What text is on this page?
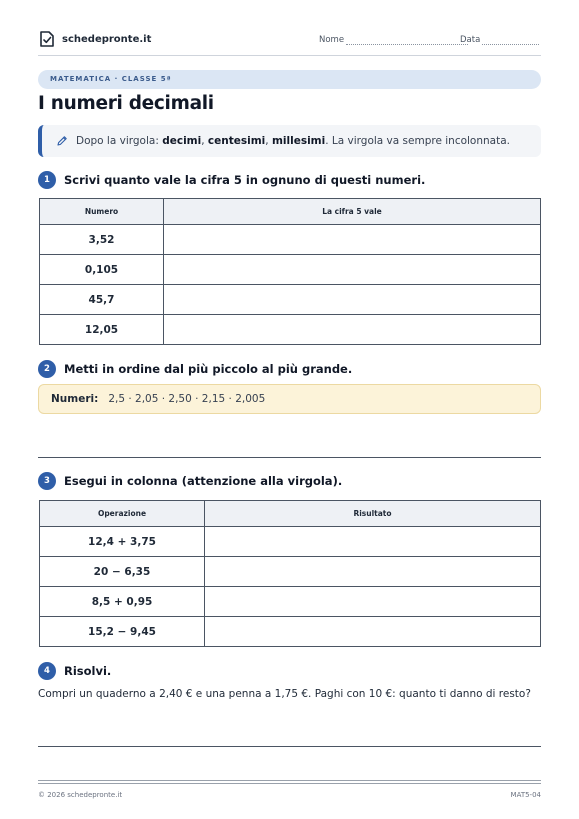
schedepronte.it	Nome	Data
MATEMATICA · CLASSE 5ª
I numeri decimali
Dopo la virgola: decimi, centesimi, millesimi. La virgola va sempre incolonnata.
1	Scrivi quanto vale la cifra 5 in ognuno di questi numeri.
Numero	La cifra 5 vale
3,52	
0,105	
45,7	
12,05	
2	Metti in ordine dal più piccolo al più grande.
Numeri: 2,5 · 2,05 · 2,50 · 2,15 · 2,005
3	Esegui in colonna (attenzione alla virgola).
Operazione	Risultato
12,4 + 3,75	
20 − 6,35	
8,5 + 0,95	
15,2 − 9,45	
4	Risolvi.
Compri un quaderno a 2,40 € e una penna a 1,75 €. Paghi con 10 €: quanto ti danno di resto?
© 2026 schedepronte.it	MAT5-04
